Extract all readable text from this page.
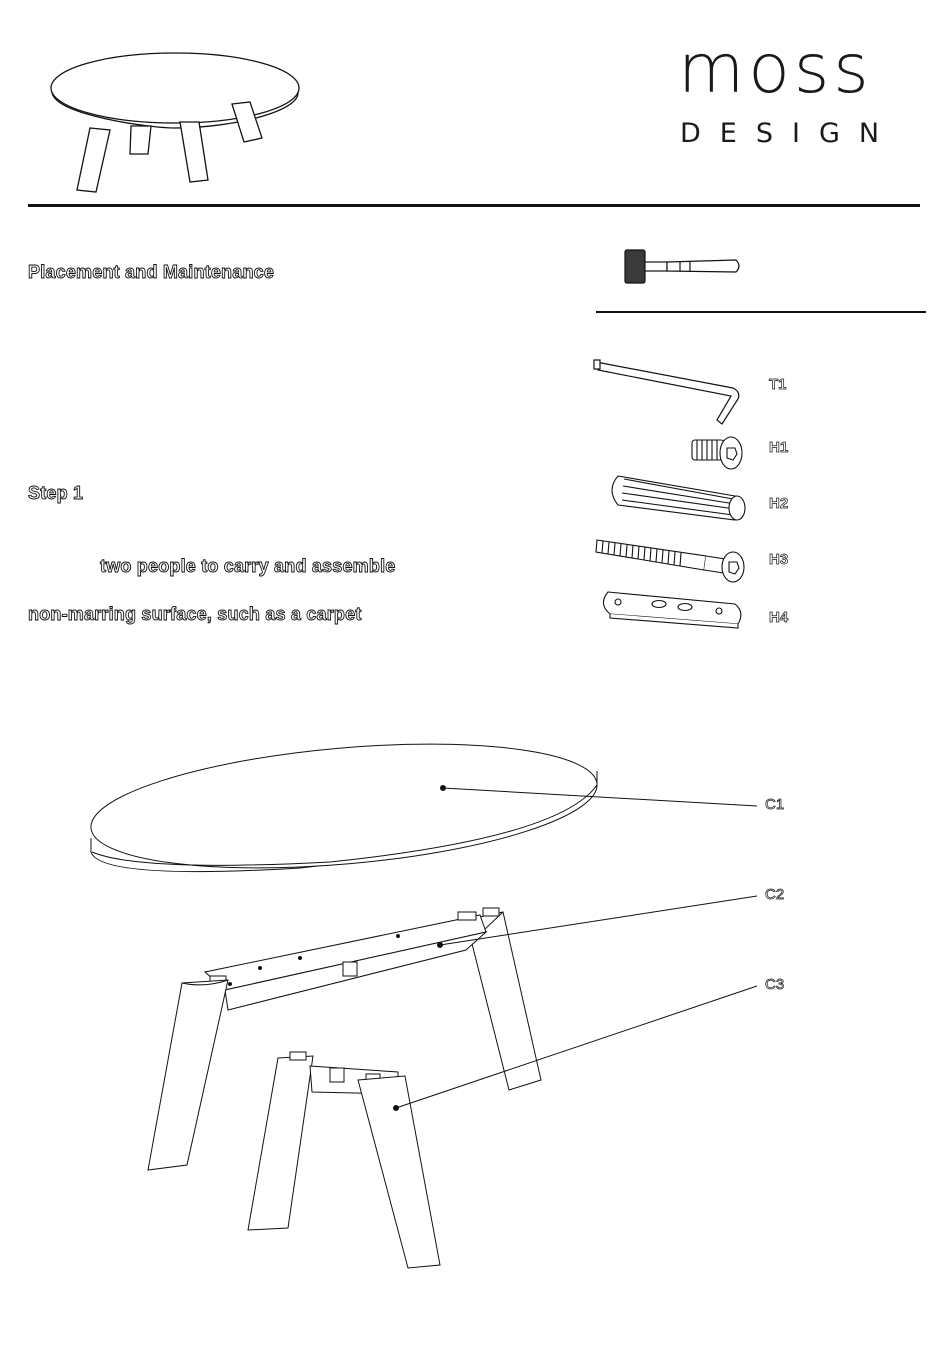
moss
DESIGN
Placement and Maintenance
Step 1
two people to carry and assemble
non-marring surface, such as a carpet
T1
H1
H2
H3
H4
C1
C2
C3
